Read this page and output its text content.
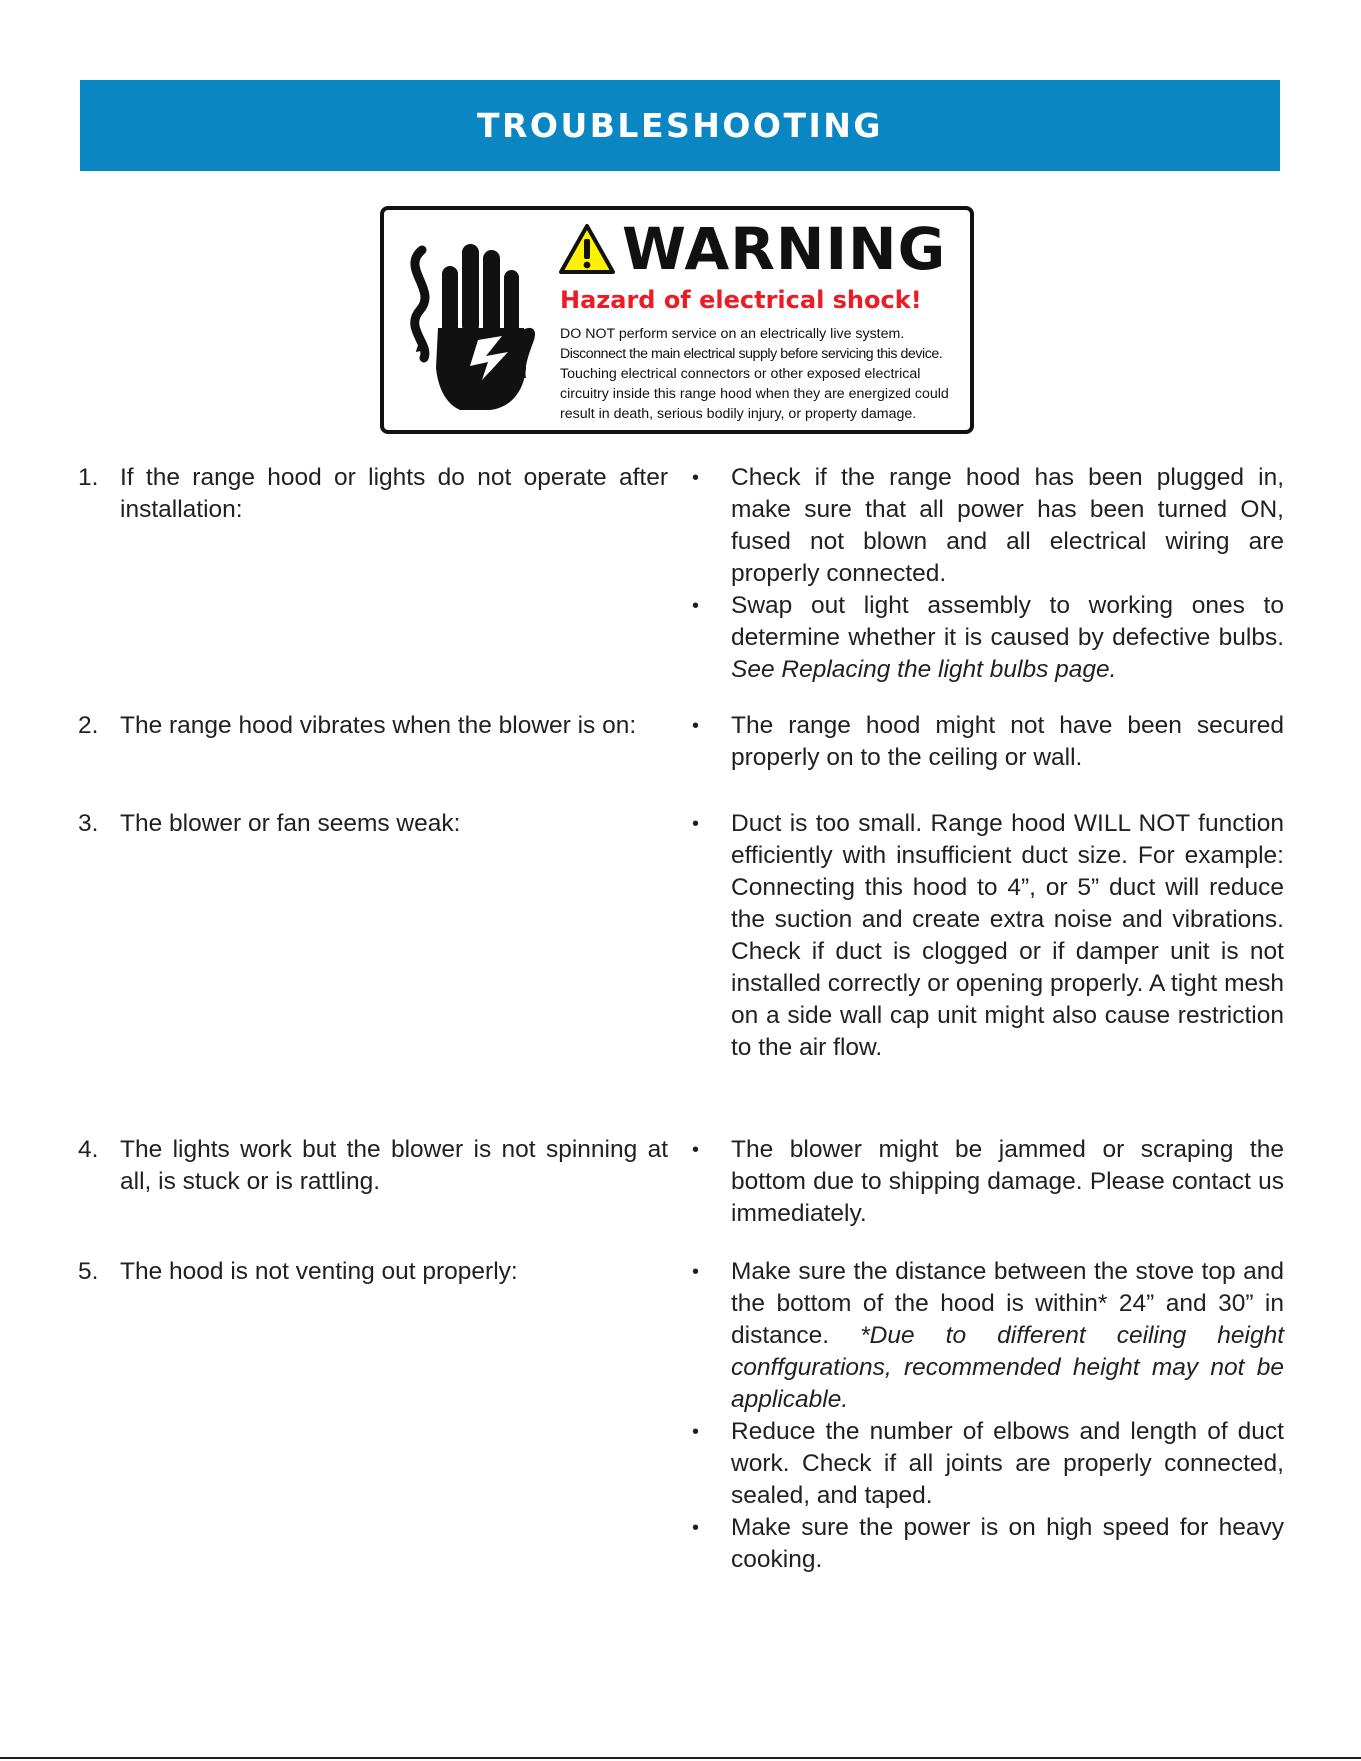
TROUBLESHOOTING
WARNING
Hazard of electrical shock!
DO NOT perform service on an electrically live system.
Disconnect the main electrical supply before servicing this device.
Touching electrical connectors or other exposed electrical
circuitry inside this range hood when they are energized could
result in death, serious bodily injury, or property damage.
1. If the range hood or lights do not operate after installation:
• Check if the range hood has been plugged in, make sure that all power has been turned ON, fused not blown and all electrical wiring are properly connected.
• Swap out light assembly to working ones to determine whether it is caused by defective bulbs. See Replacing the light bulbs page.
2. The range hood vibrates when the blower is on:	• The range hood might not have been secured properly on to the ceiling or wall.
3. The blower or fan seems weak:	• Duct is too small. Range hood WILL NOT function efficiently with insufficient duct size. For example: Connecting this hood to 4”, or 5” duct will reduce the suction and create extra noise and vibrations. Check if duct is clogged or if damper unit is not installed correctly or opening properly. A tight mesh on a side wall cap unit might also cause restriction to the air flow.
4. The lights work but the blower is not spinning at all, is stuck or is rattling.
• The blower might be jammed or scraping the bottom due to shipping damage. Please contact us immediately.
5. The hood is not venting out properly:	• Make sure the distance between the stove top and the bottom of the hood is within* 24” and 30” in distance. *Due to different ceiling height conffgurations, recommended height may not be applicable.
• Reduce the number of elbows and length of duct work. Check if all joints are properly connected, sealed, and taped.
• Make sure the power is on high speed for heavy cooking.
